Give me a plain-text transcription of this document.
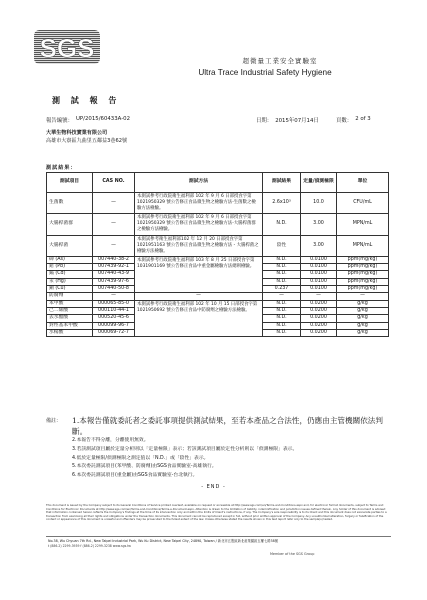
SGS	超微量工業安全實驗室
Ultra Trace Industrial Safety Hygiene
測 試 報 告
報告編號： UP/2015/60433A-02	日期： 2015年07月14日	頁數： 2 of 3
大華生物科技實業有限公司
高雄市大寮區九曲里五鄰益3巷62號
測試結果：
測試項目	CAS NO.	測試方法	測試結果	定量/偵測極限	單位
生菌數	—	本測試參考行政院衛生福利部 102 年 9 月 6 日部授食字第1021950329 號公告修正食品微生物之檢驗方法-生菌數之檢驗方法檢驗。	2.6x10³	10.0	CFU/mL
大腸桿菌群	—	本測試參考行政院衛生福利部 102 年 9 月 6 日部授食字第1021950329 號公告修正食品微生物之檢驗方法-大腸桿菌群之檢驗方法檢驗。	N.D.	3.00	MPN/mL
大腸桿菌	—	本測試參考衛生福利部102 年 12 月 20 日部授食字第1021951163 號公告修正食品微生物之檢驗方法 - 大腸桿菌之檢驗方法檢驗。	陰性	3.00	MPN/mL
砷 (As)	007440-38-2	本測試參考行政院衛生福利部 103 年 8 月 25 日部授食字第1031901169 號公告修正食品中重金屬檢驗方法總則檢驗。	N.D.	0.0100	ppm(mg/kg)
鉛 (Pb)	007439-92-1		N.D.	0.0100	ppm(mg/kg)
鎘 (Cd)	007440-43-9		N.D.	0.0100	ppm(mg/kg)
汞 (Hg)	007439-97-6		N.D.	0.0100	ppm(mg/kg)
銅 (Cu)	007440-50-8		0.237	0.0100	ppm(mg/kg)
防腐劑	—	—	—	—	—
苯甲酸	000065-85-0	本測試參考行政院衛生福利部 102 年 10 月 15 日部授食字第1021950692 號公告修正食品中防腐劑之檢驗方法檢驗。	N.D.	0.0200	g/kg
己二烯酸	000110-44-1		N.D.	0.0200	g/kg
去水醋酸	000520-45-6		N.D.	0.0200	g/kg
對羥基苯甲酸	000099-96-7		N.D.	0.0200	g/kg
水楊酸	000069-72-7		N.D.	0.0200	g/kg
備註：	1.本報告僅就委託者之委託事項提供測試結果，至若本產品之合法性，仍應由主管機關依法判斷。
2.本報告不得分離，分離使用無效。
3.若該測試項目屬於定量分析則以「定量極限」表示；若該測試項目屬於定性分析則以「偵測極限」表示。
4.低於定量極限/偵測極限之測定值以「N.D.」或「陰性」表示。
5.本次委託測試項目(苯甲酸、防腐劑)由SGS食品實驗室-高雄執行。
6.本次委託測試項目(重金屬)由SGS食品實驗室-台北執行。
- END -
This document is issued by the Company subject to its General Conditions of Service printed overleaf, available on request or accessible at http://www.sgs.com/en/Terms-and-Conditions.aspx and, for electronic format documents, subject to Terms and Conditions for Electronic Documents at http://www.sgs.com/en/Terms-and-Conditions/Terms-e-Document.aspx. Attention is drawn to the limitation of liability, indemnification and jurisdiction issues defined therein. Any holder of this document is advised that information contained hereon reflects the Company's findings at the time of its intervention only and within the limits of Client's instructions, if any. The Company's sole responsibility is to its Client and this document does not exonerate parties to a transaction from exercising all their rights and obligations under the transaction documents. This document cannot be reproduced except in full, without prior written approval of the Company. Any unauthorized alteration, forgery or falsification of the content or appearance of this document is unlawful and offenders may be prosecuted to the fullest extent of the law. Unless otherwise stated the results shown in this test report refer only to the sample(s) tested.
No.38, Wu Chyuan 7th Rd., New Taipei Industrial Park, Wu Ku District, New Taipei City, 24890, Taiwan / 新北市五股區新北產業園區五權七路38號
t (886-2) 2299-3939 f (886-2) 2299-3238 www.sgs.tw
Member of the SGS Group
